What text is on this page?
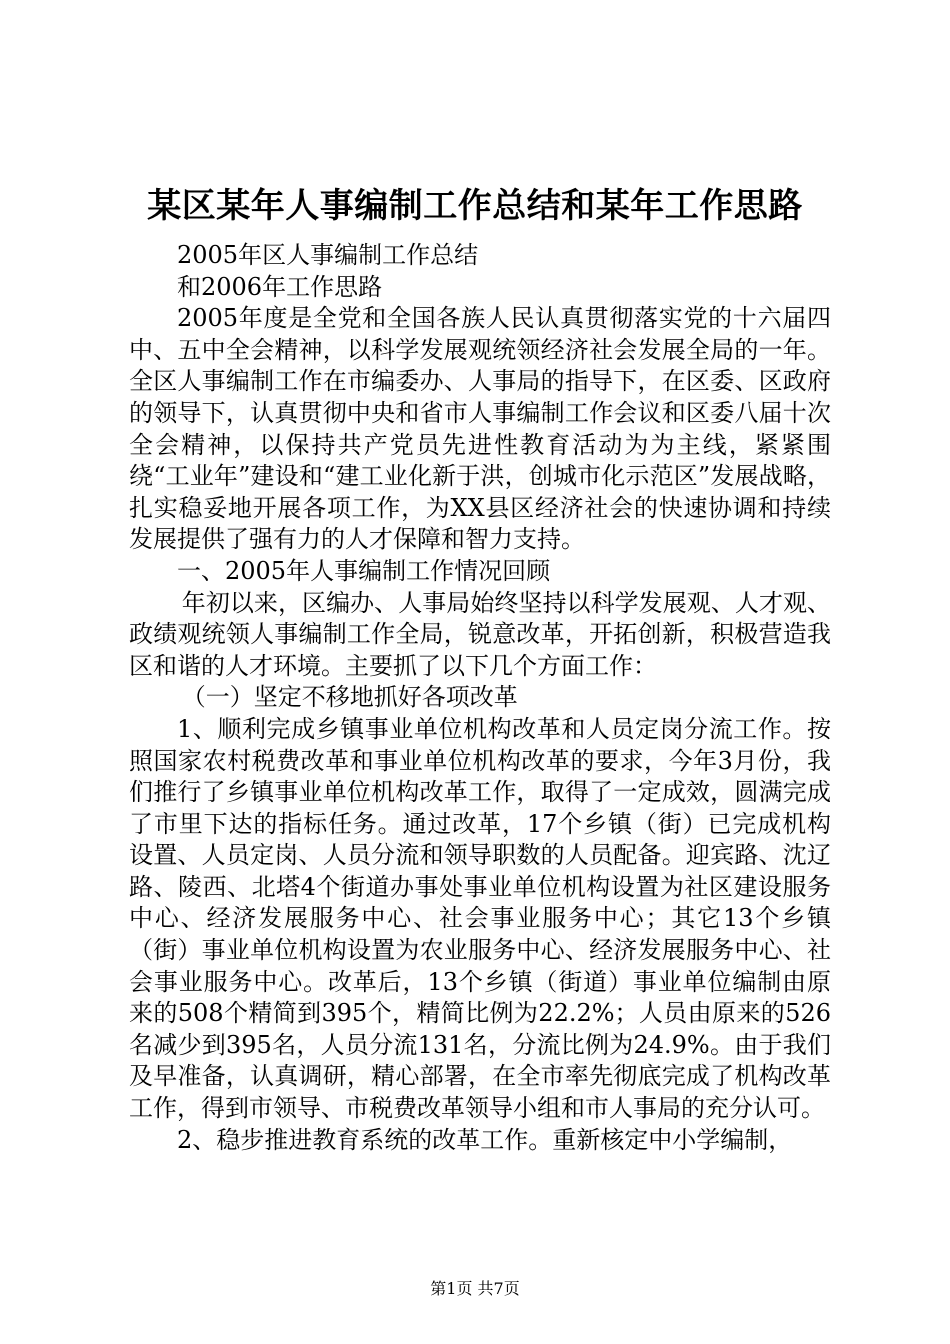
某区某年人事编制工作总结和某年工作思路

2005年区人事编制工作总结

和2006年工作思路

2005年度是全党和全国各族人民认真贯彻落实党的十六届四中、五中全会精神，以科学发展观统领经济社会发展全局的一年。全区人事编制工作在市编委办、人事局的指导下，在区委、区政府的领导下，认真贯彻中央和省市人事编制工作会议和区委八届十次全会精神，以保持共产党员先进性教育活动为为主线，紧紧围绕“工业年”建设和“建工业化新于洪，创城市化示范区”发展战略，扎实稳妥地开展各项工作，为XX县区经济社会的快速协调和持续发展提供了强有力的人才保障和智力支持。

一、2005年人事编制工作情况回顾

年初以来，区编办、人事局始终坚持以科学发展观、人才观、政绩观统领人事编制工作全局，锐意改革，开拓创新，积极营造我区和谐的人才环境。主要抓了以下几个方面工作：

（一）坚定不移地抓好各项改革

1、顺利完成乡镇事业单位机构改革和人员定岗分流工作。按照国家农村税费改革和事业单位机构改革的要求，今年3月份，我们推行了乡镇事业单位机构改革工作，取得了一定成效，圆满完成了市里下达的指标任务。通过改革，17个乡镇（街）已完成机构设置、人员定岗、人员分流和领导职数的人员配备。迎宾路、沈辽路、陵西、北塔4个街道办事处事业单位机构设置为社区建设服务中心、经济发展服务中心、社会事业服务中心；其它13个乡镇（街）事业单位机构设置为农业服务中心、经济发展服务中心、社会事业服务中心。改革后，13个乡镇（街道）事业单位编制由原来的508个精简到395个，精简比例为22.2%；人员由原来的526名减少到395名，人员分流131名，分流比例为24.9%。由于我们及早准备，认真调研，精心部署，在全市率先彻底完成了机构改革工作，得到市领导、市税费改革领导小组和市人事局的充分认可。

2、稳步推进教育系统的改革工作。重新核定中小学编制，

第1页 共7页
